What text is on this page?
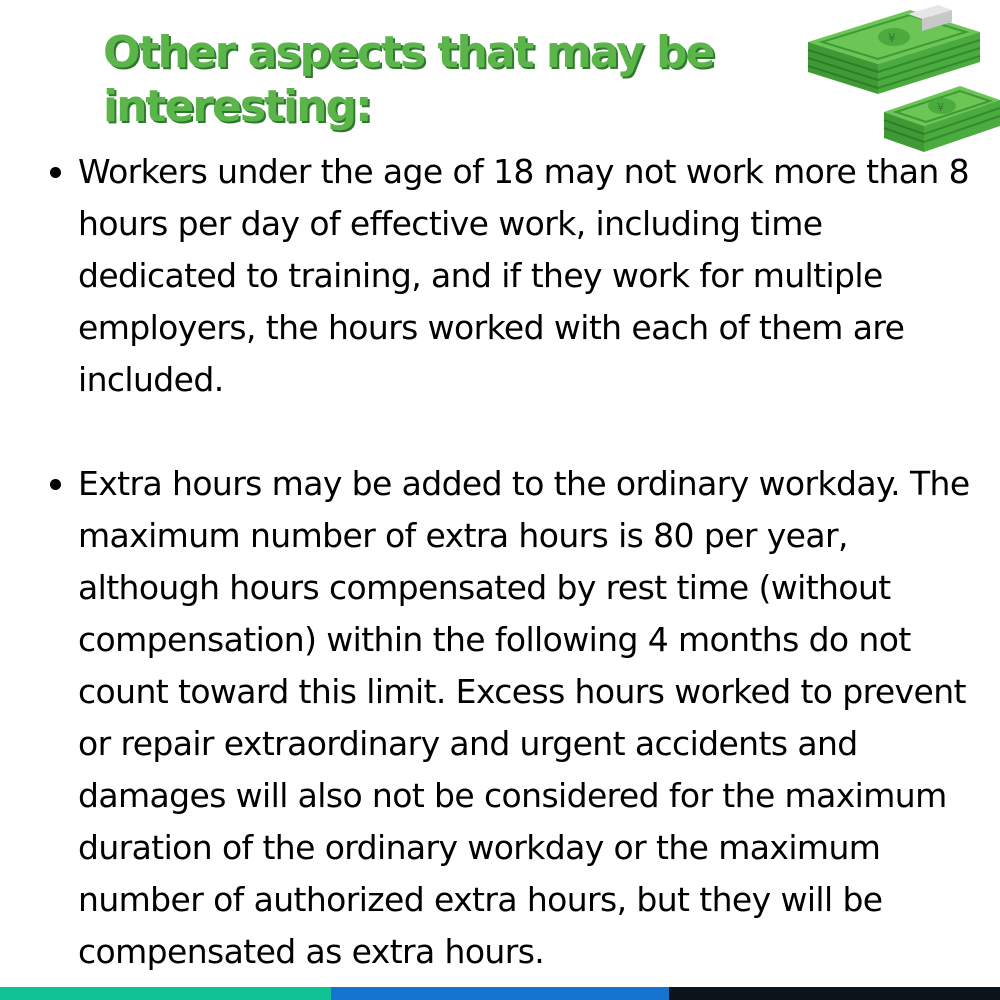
Other aspects that may be interesting:
¥
¥
Workers under the age of 18 may not work more than 8 hours per day of effective work, including time dedicated to training, and if they work for multiple employers, the hours worked with each of them are included.
Extra hours may be added to the ordinary workday. The maximum number of extra hours is 80 per year, although hours compensated by rest time (without compensation) within the following 4 months do not count toward this limit. Excess hours worked to prevent or repair extraordinary and urgent accidents and damages will also not be considered for the maximum duration of the ordinary workday or the maximum number of authorized extra hours, but they will be compensated as extra hours.
